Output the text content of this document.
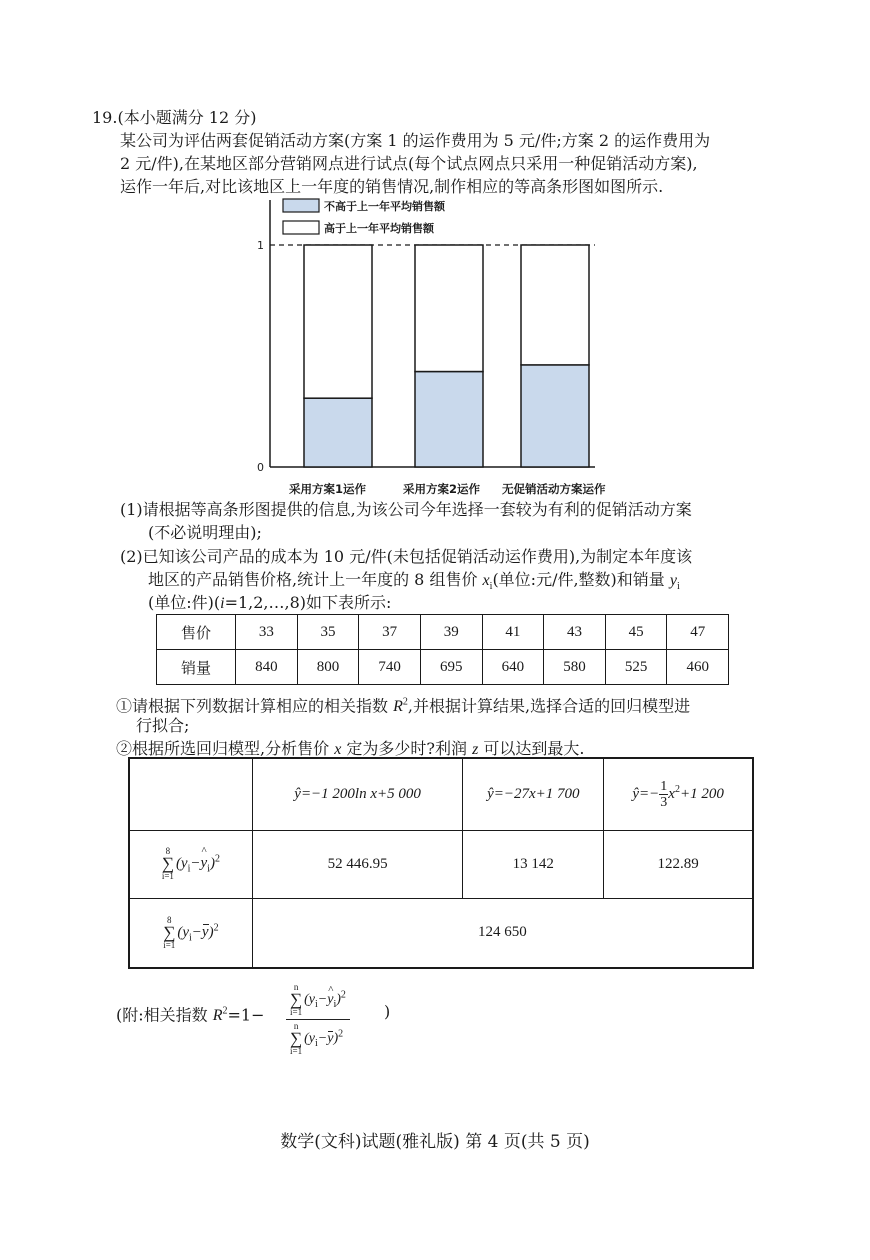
19.(本小题满分 12 分)
某公司为评估两套促销活动方案(方案 1 的运作费用为 5 元/件;方案 2 的运作费用为
2 元/件),在某地区部分营销网点进行试点(每个试点网点只采用一种促销活动方案),
运作一年后,对比该地区上一年度的销售情况,制作相应的等高条形图如图所示.
不高于上一年平均销售额
高于上一年平均销售额
1
0
采用方案1运作	采用方案2运作 无促销活动方案运作
(1)请根据等高条形图提供的信息,为该公司今年选择一套较为有利的促销活动方案
(不必说明理由);
(2)已知该公司产品的成本为 10 元/件(未包括促销活动运作费用),为制定本年度该
地区的产品销售价格,统计上一年度的 8 组售价 $x_i$(单位:元/件,整数)和销量 $y_i$
(单位:件)(i=1,2,…,8)如下表所示:
售价	33	35	37	39	41	43	45	47
销量	840	800	740	695	640	580	525	460
①请根据下列数据计算相应的相关指数 $R^2$,并根据计算结果,选择合适的回归模型进
行拟合;
②根据所选回归模型,分析售价 x 定为多少时?利润 z 可以达到最大.
	ŷ=−1 200ln x+5 000	ŷ=−27x+1 700	ŷ=− $\frac{1}{3} x^2+1$ 200

8
∑
i=1
($y_i-\^{}$ $y_i)^2$	52 446.95	13 142	122.89

8
∑
i=1
$(y_i-y)^2$	124 650		
(附:相关指数 $R^2=1- n$
∑
i=1
($y_i-\^{}$ $y_i)^2$
n
∑
i=1
$(y_i-y)^2$ )
数学(文科)试题(雅礼版) 第 4 页(共 5 页)
